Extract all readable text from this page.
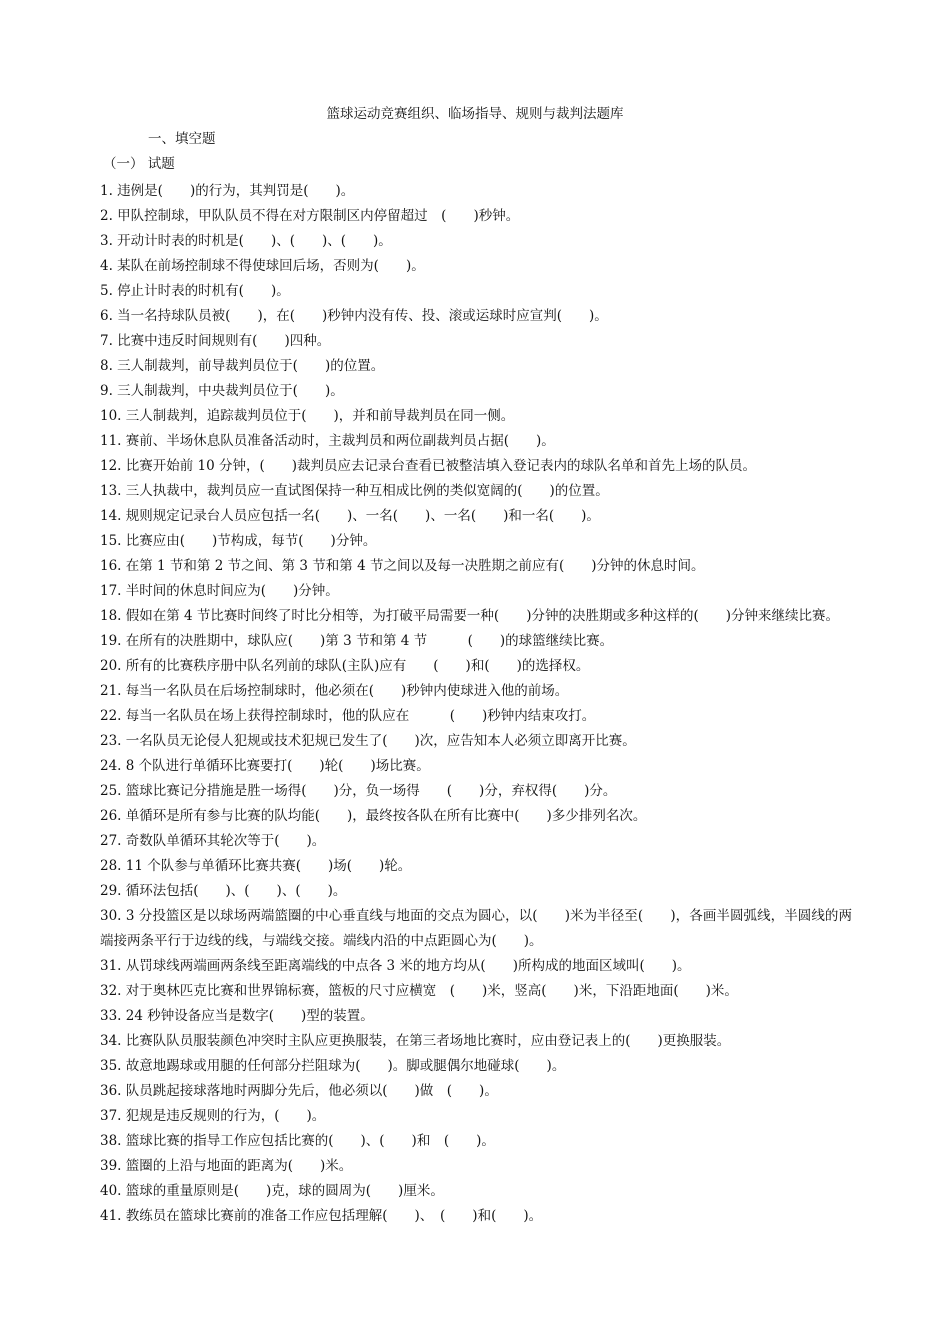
篮球运动竞赛组织、临场指导、规则与裁判法题库
一、填空题
（一） 试题

1. 违例是(　　)的行为，其判罚是(　　)。

2. 甲队控制球，甲队队员不得在对方限制区内停留超过　(　　)秒钟。

3. 开动计时表的时机是(　　)、(　　)、(　　)。

4. 某队在前场控制球不得使球回后场，否则为(　　)。

5. 停止计时表的时机有(　　)。

6. 当一名持球队员被(　　)，在(　　)秒钟内没有传、投、滚或运球时应宣判(　　)。

7. 比赛中违反时间规则有(　　)四种。

8. 三人制裁判，前导裁判员位于(　　)的位置。

9. 三人制裁判，中央裁判员位于(　　)。

10. 三人制裁判，追踪裁判员位于(　　)，并和前导裁判员在同一侧。

11. 赛前、半场休息队员准备活动时，主裁判员和两位副裁判员占据(　　)。

12. 比赛开始前 10 分钟，(　　)裁判员应去记录台查看已被整洁填入登记表内的球队名单和首先上场的队员。

13. 三人执裁中，裁判员应一直试图保持一种互相成比例的类似宽阔的(　　)的位置。

14. 规则规定记录台人员应包括一名(　　)、一名(　　)、一名(　　)和一名(　　)。

15. 比赛应由(　　)节构成，每节(　　)分钟。

16. 在第 1 节和第 2 节之间、第 3 节和第 4 节之间以及每一决胜期之前应有(　　)分钟的休息时间。

17. 半时间的休息时间应为(　　)分钟。

18. 假如在第 4 节比赛时间终了时比分相等，为打破平局需要一种(　　)分钟的决胜期或多种这样的(　　)分钟来继续比赛。

19. 在所有的决胜期中，球队应(　　)第 3 节和第 4 节　　　(　　)的球篮继续比赛。

20. 所有的比赛秩序册中队名列前的球队(主队)应有　　(　　)和(　　)的选择权。

21. 每当一名队员在后场控制球时，他必须在(　　)秒钟内使球进入他的前场。

22. 每当一名队员在场上获得控制球时，他的队应在　　　(　　)秒钟内结束攻打。

23. 一名队员无论侵人犯规或技术犯规已发生了(　　)次，应告知本人必须立即离开比赛。

24. 8 个队进行单循环比赛要打(　　)轮(　　)场比赛。

25. 篮球比赛记分措施是胜一场得(　　)分，负一场得　　(　　)分，弃权得(　　)分。

26. 单循环是所有参与比赛的队均能(　　)，最终按各队在所有比赛中(　　)多少排列名次。

27. 奇数队单循环其轮次等于(　　)。

28. 11 个队参与单循环比赛共赛(　　)场(　　)轮。

29. 循环法包括(　　)、(　　)、(　　)。

30. 3 分投篮区是以球场两端篮圈的中心垂直线与地面的交点为圆心，以(　　)米为半径至(　　)，各画半圆弧线，半圆线的两端接两条平行于边线的线，与端线交接。端线内沿的中点距圆心为(　　)。

31. 从罚球线两端画两条线至距离端线的中点各 3 米的地方均从(　　)所构成的地面区域叫(　　)。

32. 对于奥林匹克比赛和世界锦标赛，篮板的尺寸应横宽　(　　)米，竖高(　　)米，下沿距地面(　　)米。

33. 24 秒钟设备应当是数字(　　)型的装置。

34. 比赛队队员服装颜色冲突时主队应更换服装，在第三者场地比赛时，应由登记表上的(　　)更换服装。

35. 故意地踢球或用腿的任何部分拦阻球为(　　)。脚或腿偶尔地碰球(　　)。

36. 队员跳起接球落地时两脚分先后，他必须以(　　)做　(　　)。

37. 犯规是违反规则的行为，(　　)。

38. 篮球比赛的指导工作应包括比赛的(　　)、(　　)和　(　　)。

39. 篮圈的上沿与地面的距离为(　　)米。

40. 篮球的重量原则是(　　)克，球的圆周为(　　)厘米。

41. 教练员在篮球比赛前的准备工作应包括理解(　　)、　(　　)和(　　)。
